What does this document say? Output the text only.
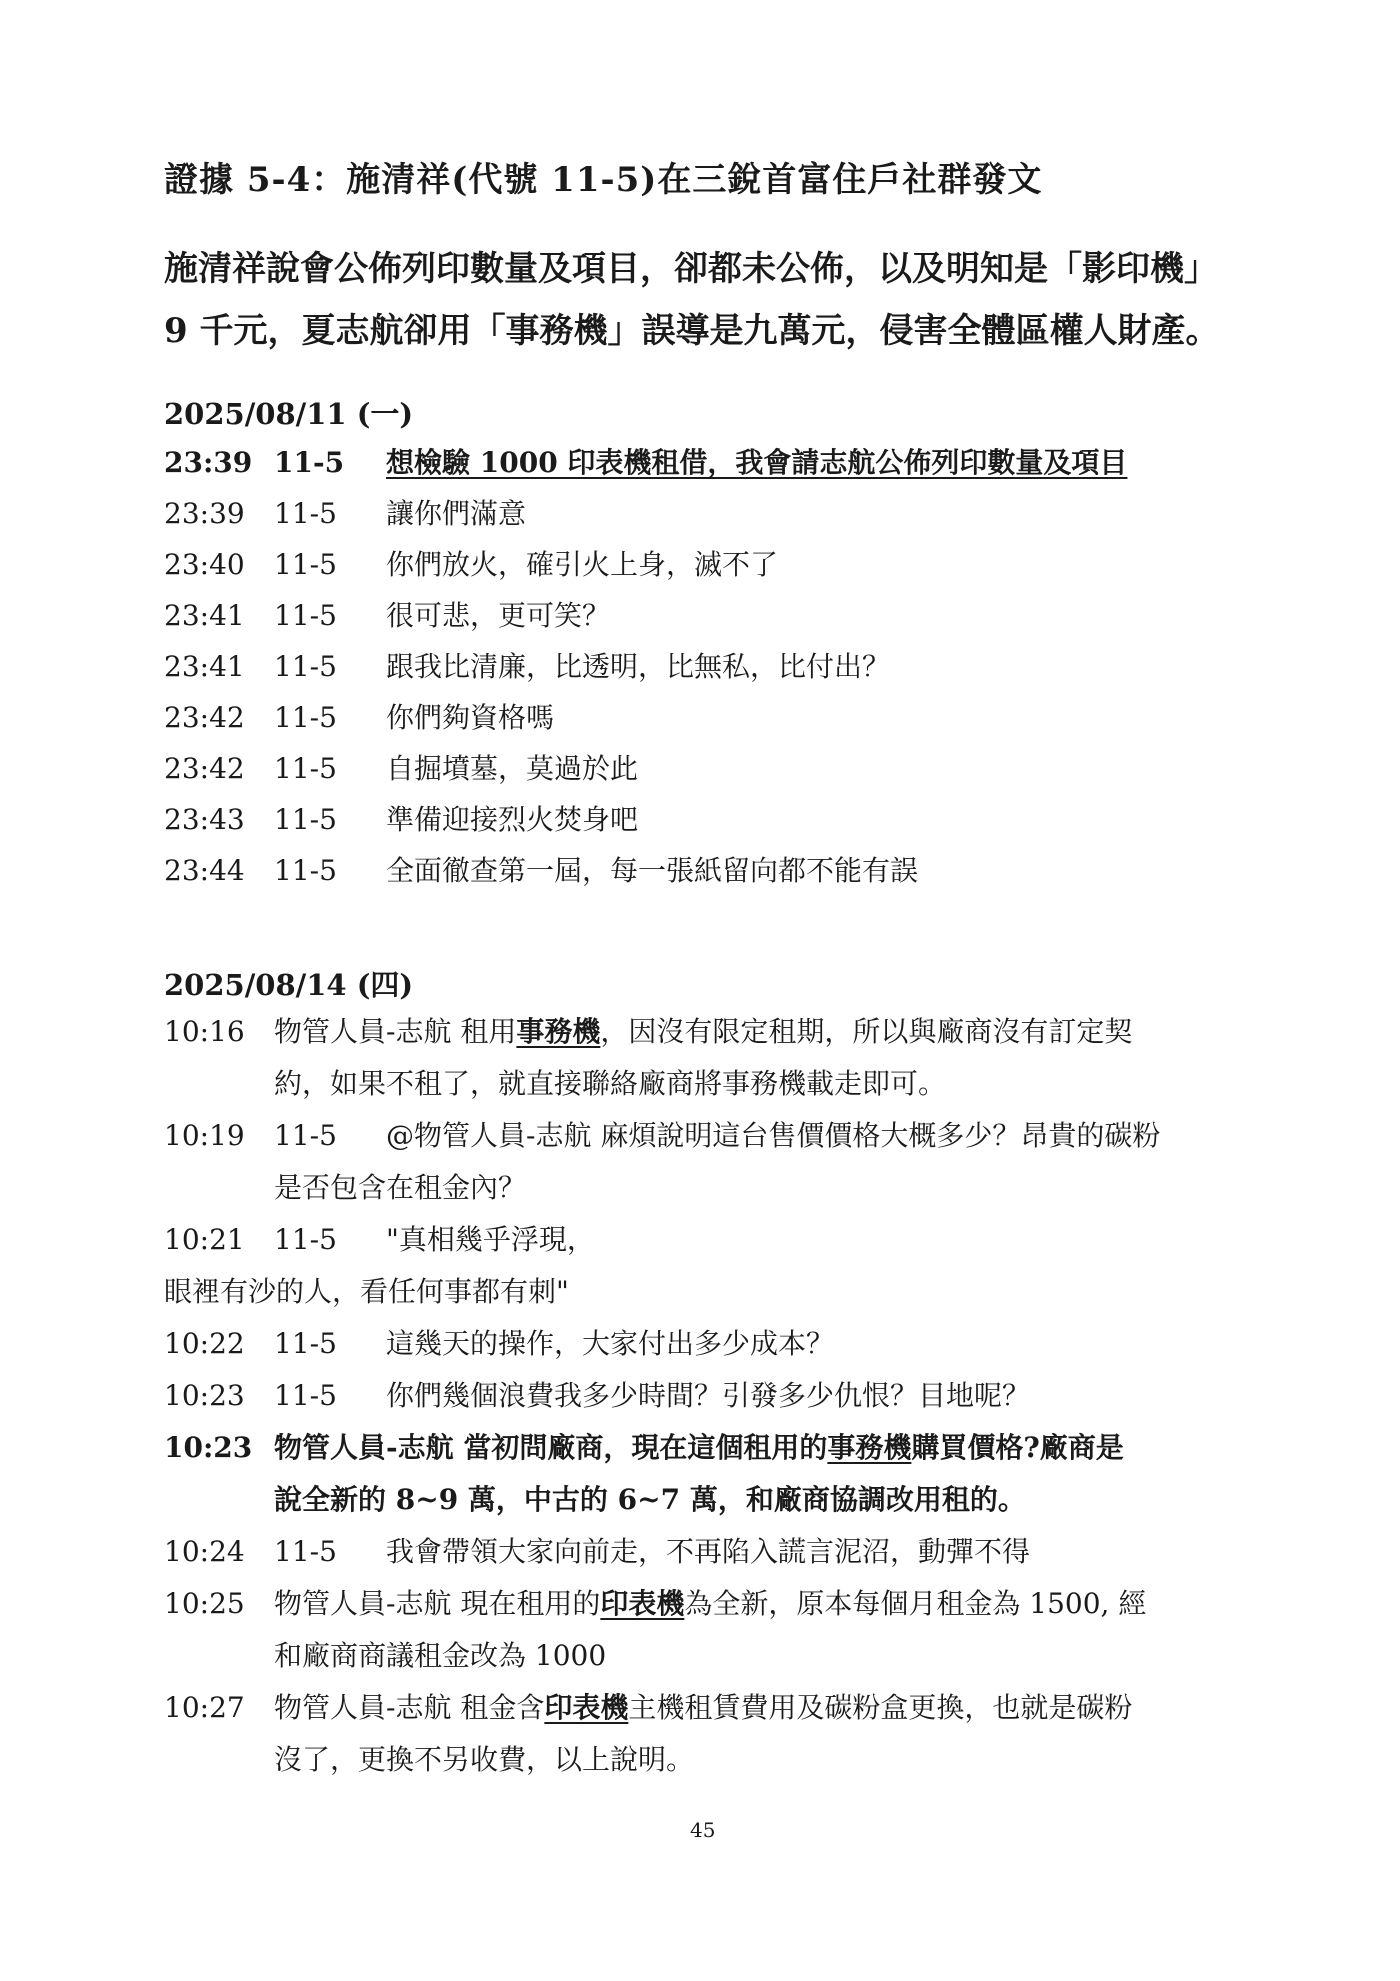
證據 5-4：施清祥(代號 11-5)在三銳首富住戶社群發文
施清祥說會公佈列印數量及項目，卻都未公佈，以及明知是「影印機」
9 千元，夏志航卻用「事務機」誤導是九萬元，侵害全體區權人財產。
2025/08/11 (一)
23:39 11-5 想檢驗 1000 印表機租借，我會請志航公佈列印數量及項目
23:39 11-5 讓你們滿意
23:40 11-5 你們放火，確引火上身，滅不了
23:41 11-5 很可悲，更可笑？
23:41 11-5 跟我比清廉，比透明，比無私，比付出？
23:42 11-5 你們夠資格嗎
23:42 11-5 自掘墳墓，莫過於此
23:43 11-5 準備迎接烈火焚身吧
23:44 11-5 全面徹查第一屆，每一張紙留向都不能有誤
2025/08/14 (四)
10:16 物管人員-志航 租用事務機，因沒有限定租期，所以與廠商沒有訂定契
約，如果不租了，就直接聯絡廠商將事務機載走即可。
10:19 11-5 @物管人員-志航 麻煩說明這台售價價格大概多少？昂貴的碳粉
是否包含在租金內？
10:21 11-5 "真相幾乎浮現，
眼裡有沙的人，看任何事都有刺"
10:22 11-5 這幾天的操作，大家付出多少成本？
10:23 11-5 你們幾個浪費我多少時間？引發多少仇恨？目地呢？
10:23 物管人員-志航 當初問廠商，現在這個租用的事務機購買價格?廠商是
說全新的 8~9 萬，中古的 6~7 萬，和廠商協調改用租的。
10:24 11-5 我會帶領大家向前走，不再陷入謊言泥沼，動彈不得
10:25 物管人員-志航 現在租用的印表機為全新，原本每個月租金為 1500, 經
和廠商商議租金改為 1000
10:27 物管人員-志航 租金含印表機主機租賃費用及碳粉盒更換，也就是碳粉
沒了，更換不另收費，以上說明。
45
